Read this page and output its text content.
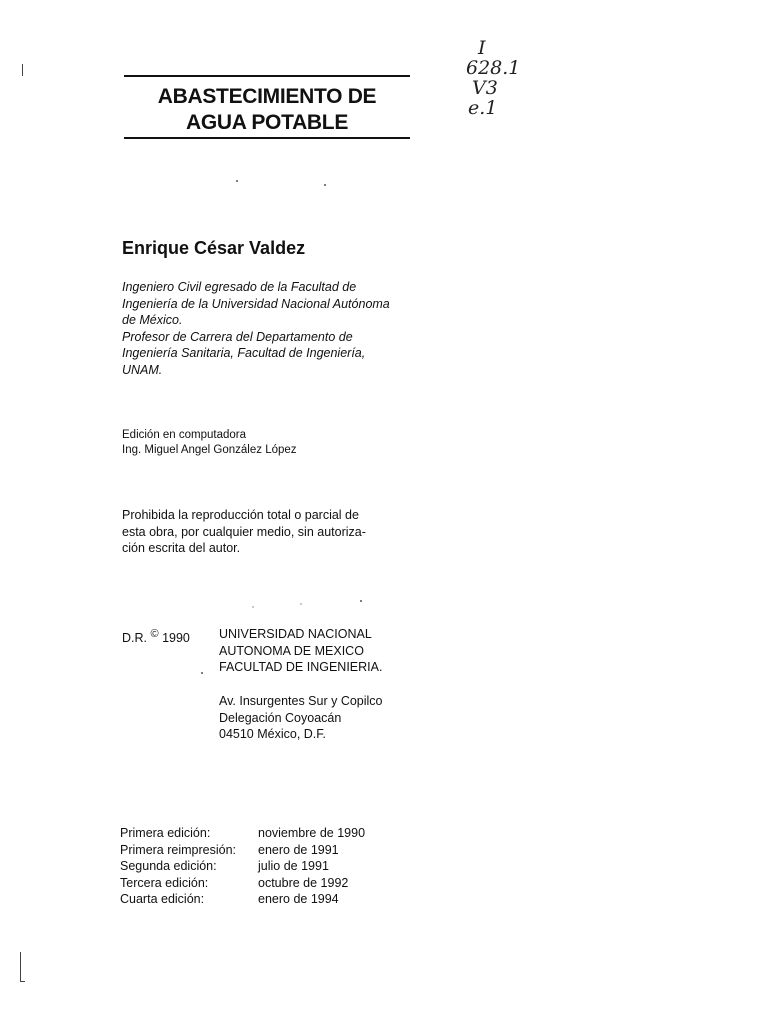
ABASTECIMIENTO DE
AGUA POTABLE
I
628.1
V3
e.1
Enrique César Valdez
Ingeniero Civil egresado de la Facultad de
Ingeniería de la Universidad Nacional Autónoma
de México.
Profesor de Carrera del Departamento de
Ingeniería Sanitaria, Facultad de Ingeniería,
UNAM.
Edición en computadora
Ing. Miguel Angel González López
Prohibida la reproducción total o parcial de
esta obra, por cualquier medio, sin autoriza-
ción escrita del autor.
D.R. © 1990 UNIVERSIDAD NACIONAL
AUTONOMA DE MEXICO
FACULTAD DE INGENIERIA.
Av. Insurgentes Sur y Copilco
Delegación Coyoacán
04510 México, D.F.
Primera edición:	noviembre de 1990
Primera reimpresión:	enero de 1991
Segunda edición:	julio de 1991
Tercera edición:	octubre de 1992
Cuarta edición:	enero de 1994
